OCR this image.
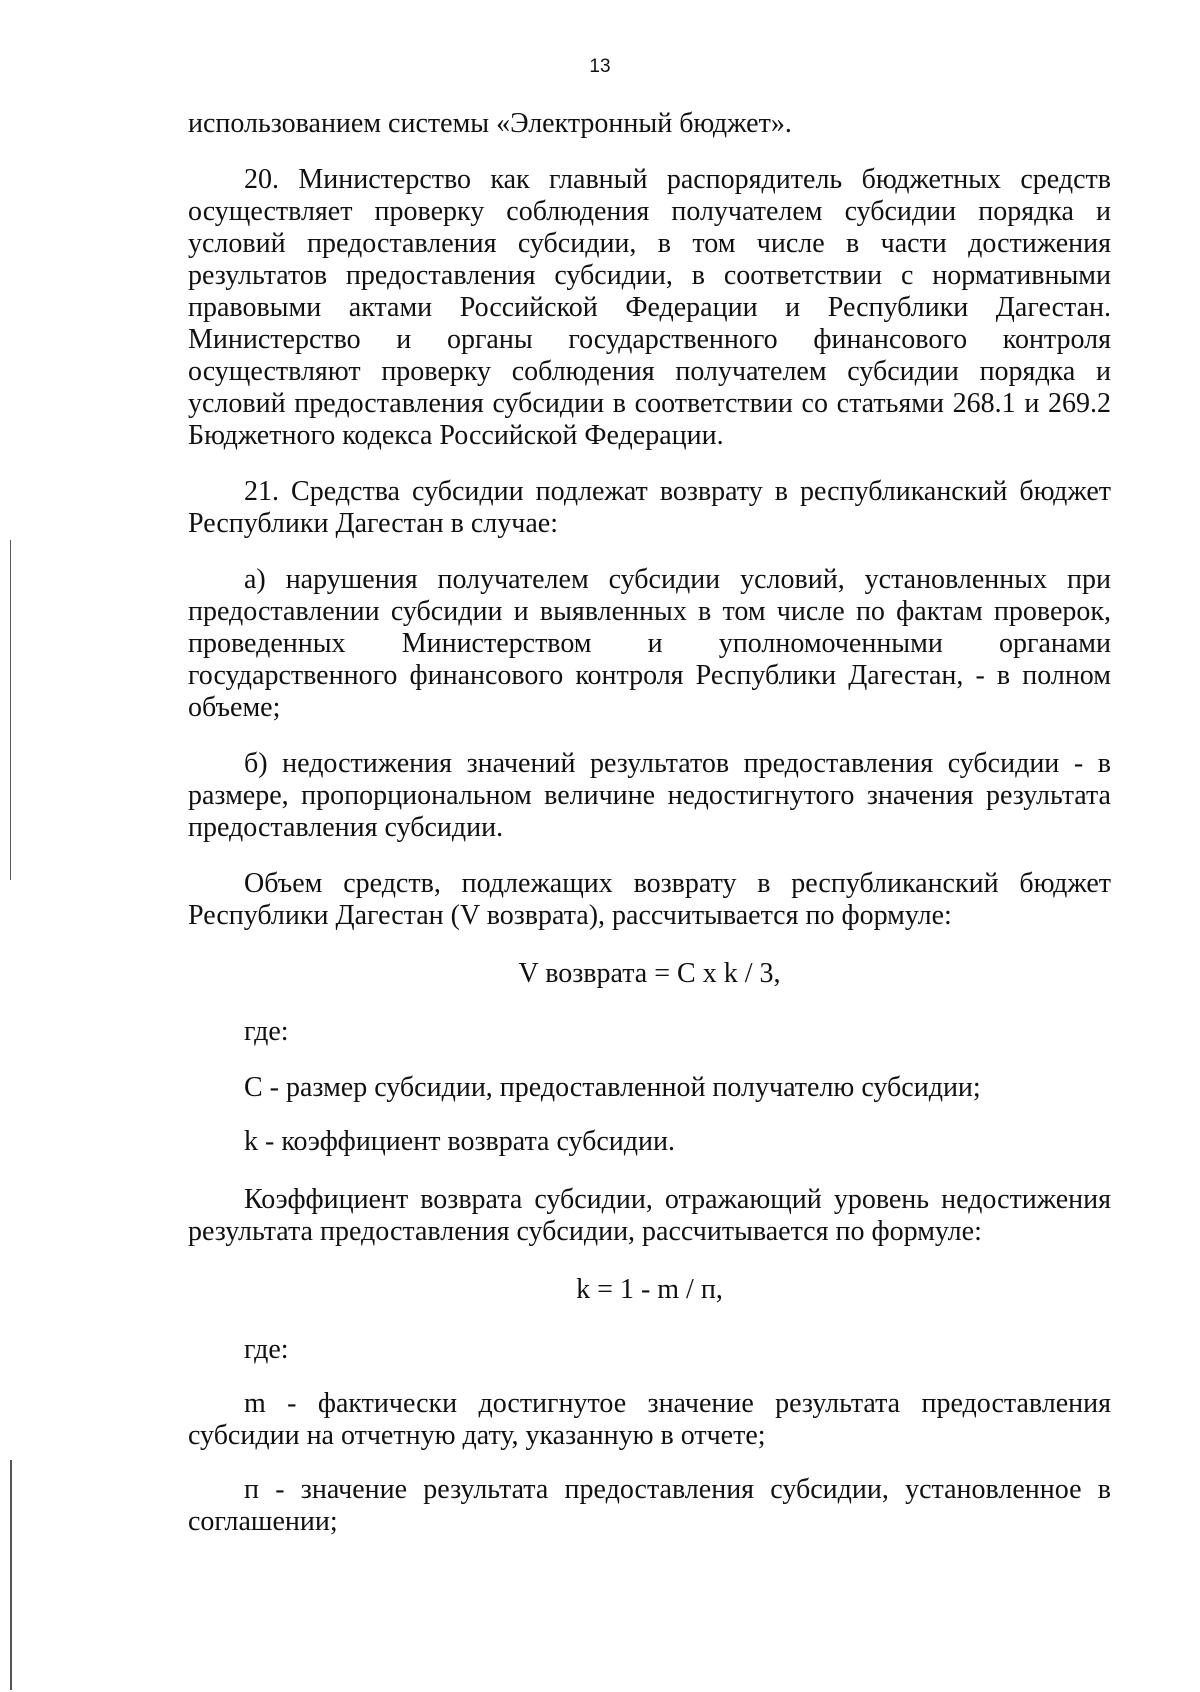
13

использованием системы «Электронный бюджет».

20. Министерство как главный распорядитель бюджетных средств осуществляет проверку соблюдения получателем субсидии порядка и условий предоставления субсидии, в том числе в части достижения результатов предоставления субсидии, в соответствии с нормативными правовыми актами Российской Федерации и Республики Дагестан. Министерство и органы государственного финансового контроля осуществляют проверку соблюдения получателем субсидии порядка и условий предоставления субсидии в соответствии со статьями 268.1 и 269.2 Бюджетного кодекса Российской Федерации.

21. Средства субсидии подлежат возврату в республиканский бюджет Республики Дагестан в случае:

а) нарушения получателем субсидии условий, установленных при предоставлении субсидии и выявленных в том числе по фактам проверок, проведенных Министерством и уполномоченными органами государственного финансового контроля Республики Дагестан, - в полном объеме;

б) недостижения значений результатов предоставления субсидии - в размере, пропорциональном величине недостигнутого значения результата предоставления субсидии.

Объем средств, подлежащих возврату в республиканский бюджет Республики Дагестан (V возврата), рассчитывается по формуле:

V возврата = C x k / 3,

где:

C - размер субсидии, предоставленной получателю субсидии;

k - коэффициент возврата субсидии.

Коэффициент возврата субсидии, отражающий уровень недостижения результата предоставления субсидии, рассчитывается по формуле:

k = 1 - m / п,

где:

m - фактически достигнутое значение результата предоставления субсидии на отчетную дату, указанную в отчете;

п - значение результата предоставления субсидии, установленное в соглашении;
